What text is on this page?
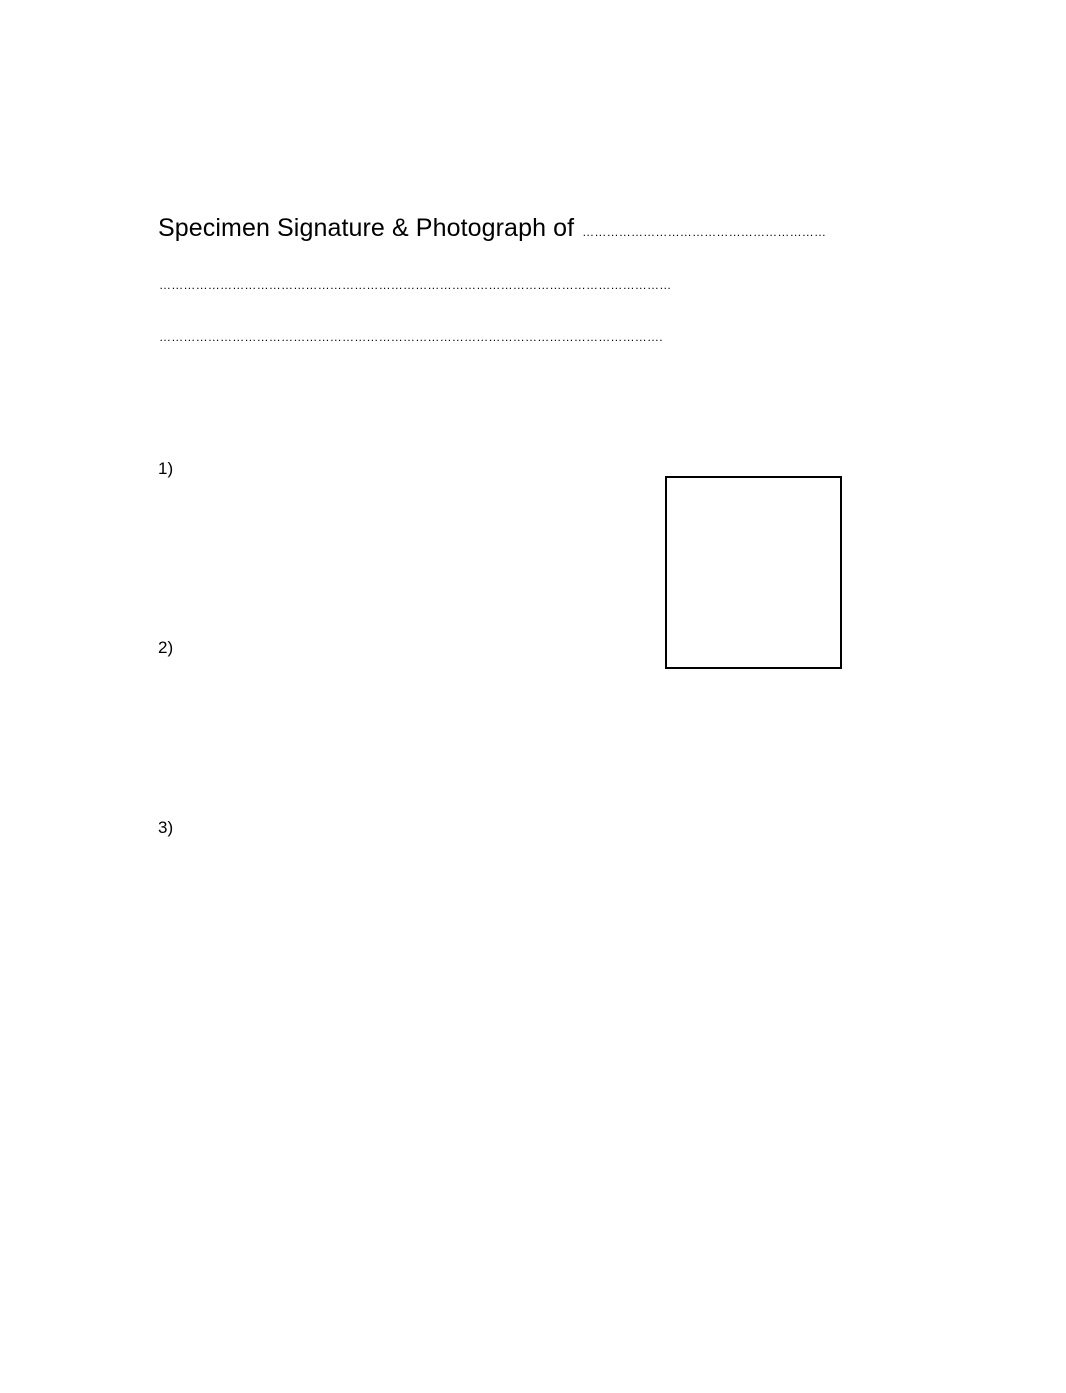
Specimen Signature & Photograph of ……………………………………………………
………………………………………………………………………………………………………………
…………………………………………………………………………………………………………….
1)
2)
3)
